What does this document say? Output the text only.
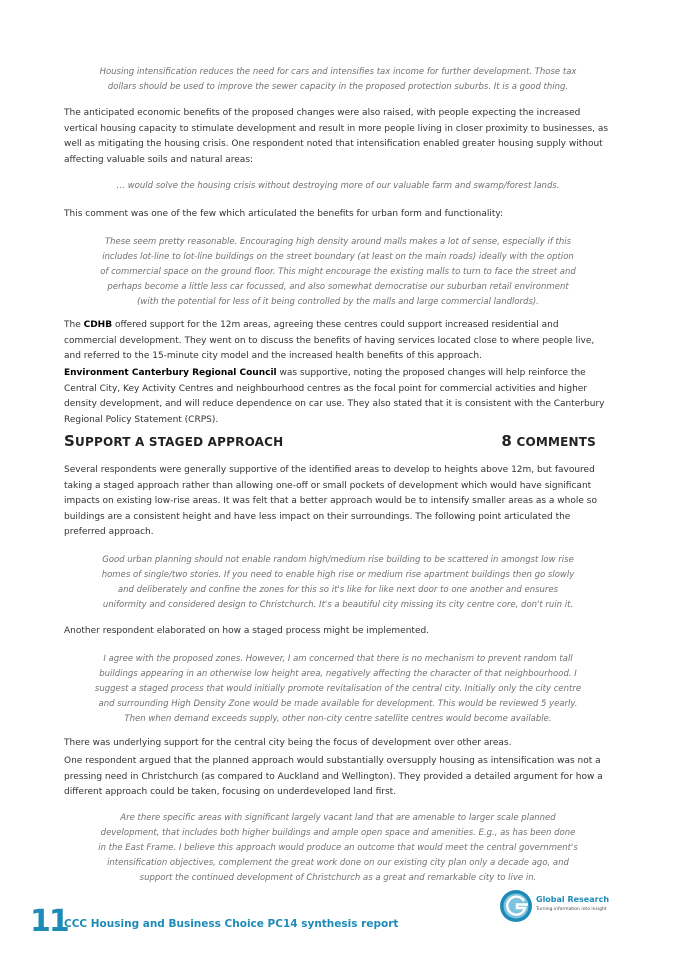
Housing intensification reduces the need for cars and intensifies tax income for further development. Those tax
dollars should be used to improve the sewer capacity in the proposed protection suburbs. It is a good thing.

The anticipated economic benefits of the proposed changes were also raised, with people expecting the increased vertical housing capacity to stimulate development and result in more people living in closer proximity to businesses, as well as mitigating the housing crisis. One respondent noted that intensification enabled greater housing supply without affecting valuable soils and natural areas:

… would solve the housing crisis without destroying more of our valuable farm and swamp/forest lands.

This comment was one of the few which articulated the benefits for urban form and functionality:

These seem pretty reasonable. Encouraging high density around malls makes a lot of sense, especially if this
includes lot-line to lot-line buildings on the street boundary (at least on the main roads) ideally with the option
of commercial space on the ground floor. This might encourage the existing malls to turn to face the street and
perhaps become a little less car focussed, and also somewhat democratise our suburban retail environment
(with the potential for less of it being controlled by the malls and large commercial landlords).

The CDHB offered support for the 12m areas, agreeing these centres could support increased residential and commercial development. They went on to discuss the benefits of having services located close to where people live, and referred to the 15-minute city model and the increased health benefits of this approach.

Environment Canterbury Regional Council was supportive, noting the proposed changes will help reinforce the Central City, Key Activity Centres and neighbourhood centres as the focal point for commercial activities and higher density development, and will reduce dependence on car use. They also stated that it is consistent with the Canterbury Regional Policy Statement (CRPS).

SUPPORT A STAGED APPROACH	8 COMMENTS

Several respondents were generally supportive of the identified areas to develop to heights above 12m, but favoured taking a staged approach rather than allowing one-off or small pockets of development which would have significant impacts on existing low-rise areas. It was felt that a better approach would be to intensify smaller areas as a whole so buildings are a consistent height and have less impact on their surroundings. The following point articulated the preferred approach.

Good urban planning should not enable random high/medium rise building to be scattered in amongst low rise
homes of single/two stories. If you need to enable high rise or medium rise apartment buildings then go slowly
and deliberately and confine the zones for this so it's like for like next door to one another and ensures
uniformity and considered design to Christchurch. It's a beautiful city missing its city centre core, don't ruin it.

Another respondent elaborated on how a staged process might be implemented.

I agree with the proposed zones. However, I am concerned that there is no mechanism to prevent random tall
buildings appearing in an otherwise low height area, negatively affecting the character of that neighbourhood. I
suggest a staged process that would initially promote revitalisation of the central city. Initially only the city centre
and surrounding High Density Zone would be made available for development. This would be reviewed 5 yearly.
Then when demand exceeds supply, other non-city centre satellite centres would become available.

There was underlying support for the central city being the focus of development over other areas.

One respondent argued that the planned approach would substantially oversupply housing as intensification was not a pressing need in Christchurch (as compared to Auckland and Wellington). They provided a detailed argument for how a different approach could be taken, focusing on underdeveloped land first.

Are there specific areas with significant largely vacant land that are amenable to larger scale planned
development, that includes both higher buildings and ample open space and amenities. E.g., as has been done
in the East Frame. I believe this approach would produce an outcome that would meet the central government's
intensification objectives, complement the great work done on our existing city plan only a decade ago, and
support the continued development of Christchurch as a great and remarkable city to live in.
11
CCC Housing and Business Choice PC14 synthesis report
Global Research
Turning information into insight
